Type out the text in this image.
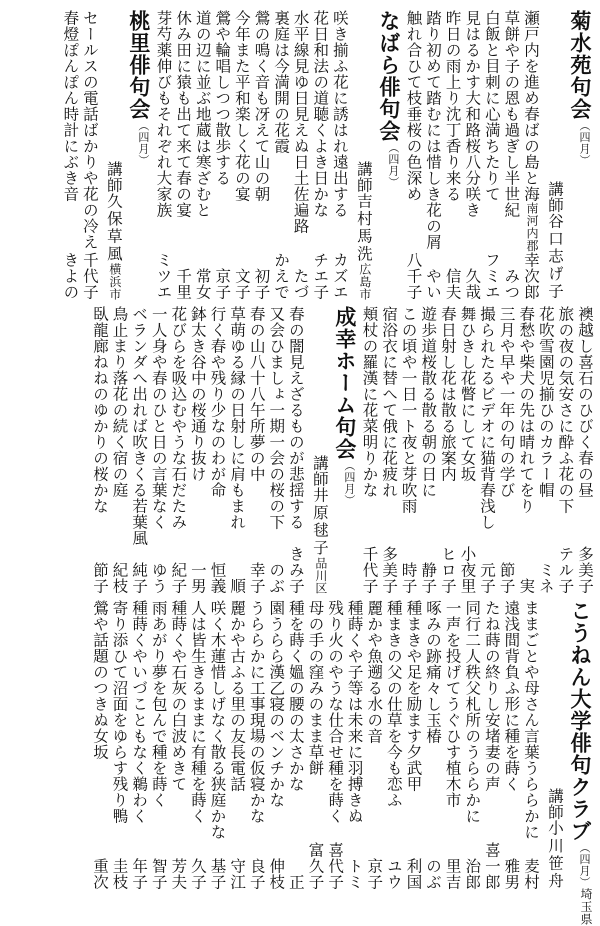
菊水苑句会
（四月）
講師
谷口志げ子
瀬戸内を進め春ばの島と海
南河内郡
幸次郎
草餅や子の恩も過ぎし半世紀
みつ
白飯と目刺に心満ちたりて
フミエ
見はるかす大和路桜八分咲き
久哉
昨日の雨上り沈丁香り来る
信夫
踏り初めて踏むには惜しき花の屑
やい
触れ合ひて枝垂桜の色深め
八千子
なばら俳句会
（四月）
講師
吉村馬洗
広島市
咲き揃ふ花に誘はれ遠出する
カズエ
花日和法の道聴くよき日かな
チエ子
水平線見ゆ日見えぬ日土佐遍路
たづ
裏庭は今満開の花霞
かえで
鶯の鳴く音も冴えて山の朝
初子
今年また平和楽しく花の宴
文子
鶯や輪唱しつつ散歩する
京子
道の辺に並ぶ地蔵は寒ざむと
常女
休み田に猿も出て来て春の宴
千里
芽芍薬伸びもそれぞれ大家族
ミツエ
桃里俳句会
（四月）
講師
久保草風
横浜市
セールスの電話ばかりや花の冷え
千代子
春燈ぽんぽん時計にぶき音
きよの
襖越し喜石のひびく春の昼
多美子
旅の夜の気安さに酔ふ花の下
テル子
花吹雪園児揃ひのカラー帽
ミネ
春愁や柴犬の先は晴れてをり
実
三月や早や一年の句の学び
節子
撮られたるビデオに猫背春浅し
元子
舞ひきし花瞥にして女坂
小夜里
春日射し花は散る旅案内
ヒロ子
遊歩道桜散る散る朝の日に
静子
この頃や一日一ト夜と芽吹雨
時子
宿浴衣に替へて俄に花疲れ
多美子
頬杖の羅漢に花菜明りかな
千代子
成幸ホーム句会
（四月）
講師
井原毬子
品川区
春の闇見えざるものが悲揺する
きみ子
又会ひましょ一期一会の桜の下
のぶ
春の山八十八午所夢の中
幸子
草萌ゆる縁の日射しに肩もまれ
順
行く春や残り少なのわが命
恒義
鉢太き谷中の桜通り抜け
一男
花びらを吸込むやうな石だたみ
紀子
一人身や春のひと日の言葉なく
ゆう
ベランダへ出れば吹きくる若葉風
純子
鳥止まり落花の続く宿の庭
紀枝
臥龍廊ねねのゆかりの桜かな
節子
こうねん大学俳句クラブ
（四月）
埼玉県
講師
小川笹舟
ままごとや母さん言葉うららかに
麦村
遠浅間背負ふ形に種を蒔く
雅男
たね蒔の終りし安堵妻の声
喜一郎
同行二人秩父札所のうららかに
治郎
一声を投げてうぐひす植木市
里吉
啄みの跡痛々し玉椿
のぶ
種まきや足を励ます夕武甲
利国
種まきの父の仕草を今も恋ふ
ユウ
麗かや魚遡る水の音
京子
種蒔くや子等は未来に羽搏きぬ
トミ
残り火のやうな仕合せ種を蒔く
喜代子
母の手の窪みのまま草餅
富久子
種を蒔く媼の腰の太さかな
正
園うらら漢乙寝のベンチかな
伸枝
うららかに工事現場の仮寝かな
良子
麗かや古ふる里の友長電話
守江
咲く木蓮惜しげなく散る狭庭かな
基子
人は皆生きるままに有種を蒔く
久子
種蒔くや石灰の白波めきて
芳夫
雨あがり夢を包んで種を蒔く
智子
種蒔くやいづこともなく鵜わく
年子
寄り添ひて沼面をゆらす残り鴨
圭枝
鶯や話題のつきぬ女坂
重次
